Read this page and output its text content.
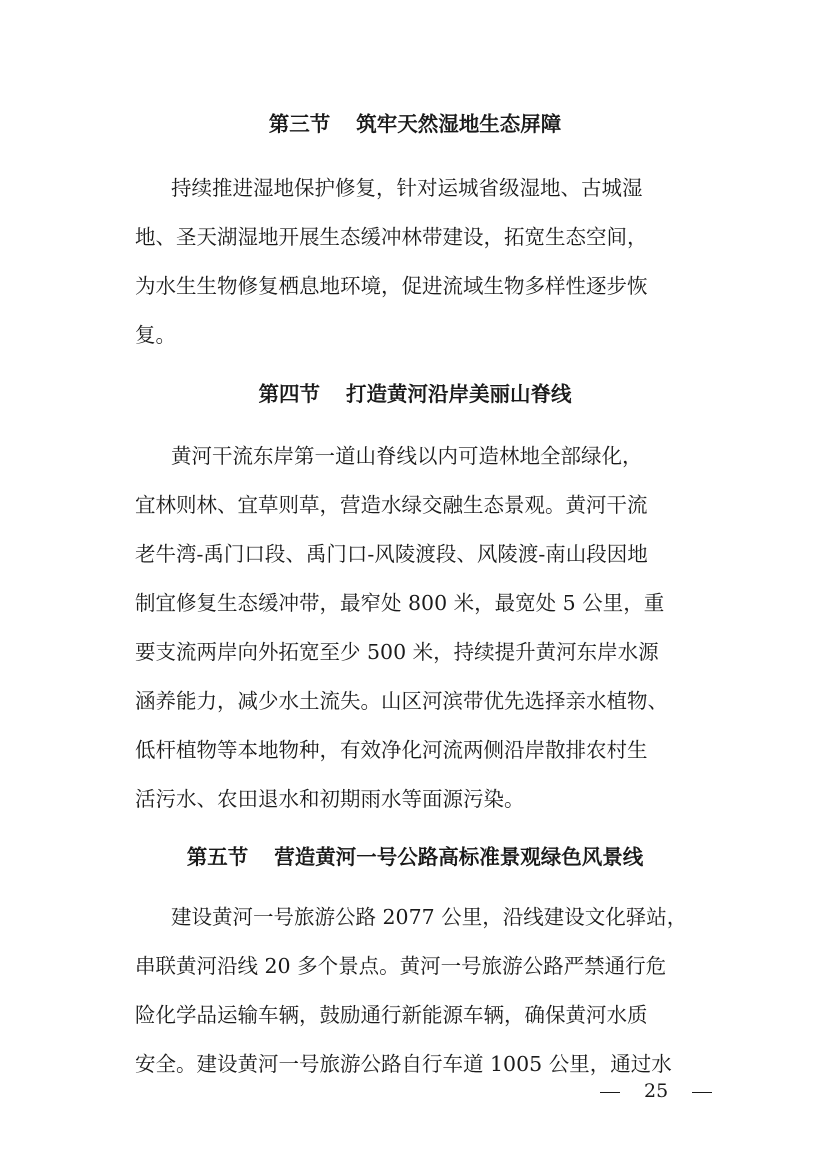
第三节 筑牢天然湿地生态屏障

持续推进湿地保护修复，针对运城省级湿地、古城湿
地、圣天湖湿地开展生态缓冲林带建设，拓宽生态空间，
为水生生物修复栖息地环境，促进流域生物多样性逐步恢
复。

第四节 打造黄河沿岸美丽山脊线

黄河干流东岸第一道山脊线以内可造林地全部绿化，
宜林则林、宜草则草，营造水绿交融生态景观。黄河干流
老牛湾-禹门口段、禹门口-风陵渡段、风陵渡-南山段因地
制宜修复生态缓冲带，最窄处 800 米，最宽处 5 公里，重
要支流两岸向外拓宽至少 500 米，持续提升黄河东岸水源
涵养能力，减少水土流失。山区河滨带优先选择亲水植物、
低杆植物等本地物种，有效净化河流两侧沿岸散排农村生
活污水、农田退水和初期雨水等面源污染。

第五节 营造黄河一号公路高标准景观绿色风景线

建设黄河一号旅游公路 2077 公里，沿线建设文化驿站，
串联黄河沿线 20 多个景点。黄河一号旅游公路严禁通行危
险化学品运输车辆，鼓励通行新能源车辆，确保黄河水质
安全。建设黄河一号旅游公路自行车道 1005 公里，通过水

25
